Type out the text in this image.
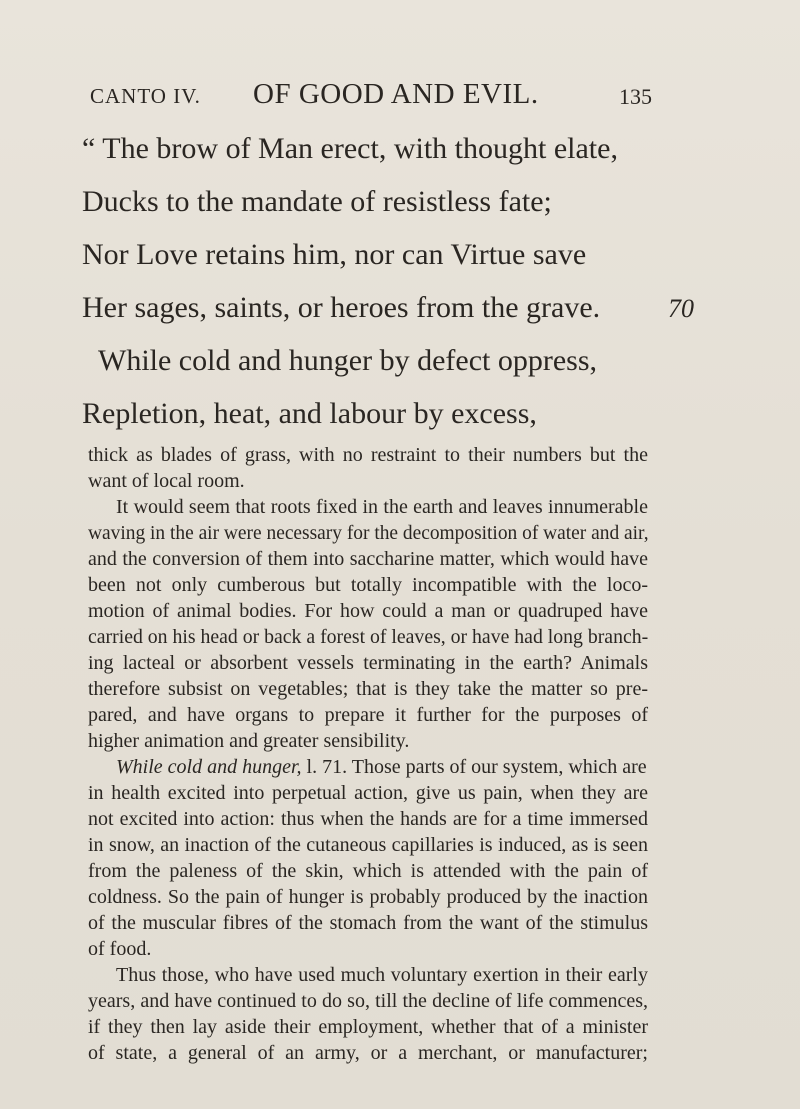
CANTO IV. OF GOOD AND EVIL.	135
“ The brow of Man erect, with thought elate,
Ducks to the mandate of resistless fate;
Nor Love retains him, nor can Virtue save
Her sages, saints, or heroes from the grave.	70
While cold and hunger by defect oppress,
Repletion, heat, and labour by excess,
thick as blades of grass, with no restraint to their numbers but the
want of local room.
It would seem that roots fixed in the earth and leaves innumerable
waving in the air were necessary for the decomposition of water and air,
and the conversion of them into saccharine matter, which would have
been not only cumberous but totally incompatible with the loco-
motion of animal bodies. For how could a man or quadruped have
carried on his head or back a forest of leaves, or have had long branch-
ing lacteal or absorbent vessels terminating in the earth? Animals
therefore subsist on vegetables; that is they take the matter so pre-
pared, and have organs to prepare it further for the purposes of
higher animation and greater sensibility.
While cold and hunger, l. 71. Those parts of our system, which are
in health excited into perpetual action, give us pain, when they are
not excited into action: thus when the hands are for a time immersed
in snow, an inaction of the cutaneous capillaries is induced, as is seen
from the paleness of the skin, which is attended with the pain of
coldness. So the pain of hunger is probably produced by the inaction
of the muscular fibres of the stomach from the want of the stimulus
of food.
Thus those, who have used much voluntary exertion in their early
years, and have continued to do so, till the decline of life commences,
if they then lay aside their employment, whether that of a minister
of state, a general of an army, or a merchant, or manufacturer;
